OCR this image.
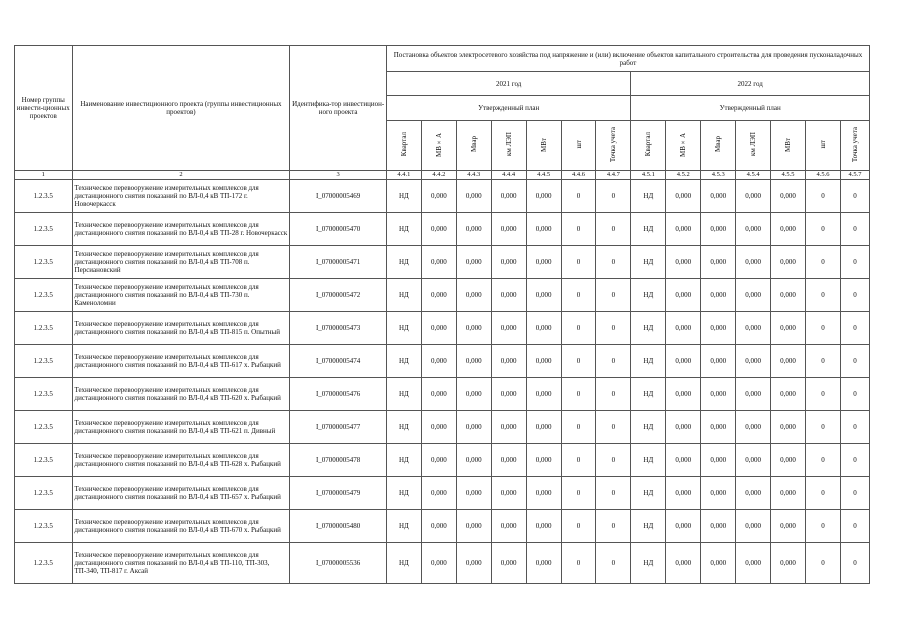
Номер группы инвести-ционных проектов	Наименование инвестиционного проекта (группы инвестиционных проектов)	Идентифика-тор инвестицион-ного проекта	Постановка объектов электросетевого хозяйства под напряжение и (или) включение объектов капитального строительства для проведения пусконаладочных работ													
			2021 год							2022 год						
			Утвержденный план							Утвержденный план						
			Квартал	МВ×А	Мвар	км ЛЭП	МВт	шт	Точка учета	Квартал	МВ×А	Мвар	км ЛЭП	МВт	шт	Точка учета
1	2	3	4.4.1	4.4.2	4.4.3	4.4.4	4.4.5	4.4.6	4.4.7	4.5.1	4.5.2	4.5.3	4.5.4	4.5.5	4.5.6	4.5.7
1.2.3.5	Техническое перевооружение измерительных комплексов для дистанционного снятия показаний по ВЛ-0,4 кВ ТП-172 г. Новочеркасск	I_07000005469	НД	0,000	0,000	0,000	0,000	0	0	НД	0,000	0,000	0,000	0,000	0	0
1.2.3.5	Техническое перевооружение измерительных комплексов для дистанционного снятия показаний по ВЛ-0,4 кВ ТП-28 г. Новочеркасск	I_07000005470	НД	0,000	0,000	0,000	0,000	0	0	НД	0,000	0,000	0,000	0,000	0	0
1.2.3.5	Техническое перевооружение измерительных комплексов для дистанционного снятия показаний по ВЛ-0,4 кВ ТП-708 п. Персиановский	I_07000005471	НД	0,000	0,000	0,000	0,000	0	0	НД	0,000	0,000	0,000	0,000	0	0
1.2.3.5	Техническое перевооружение измерительных комплексов для дистанционного снятия показаний по ВЛ-0,4 кВ ТП-730 п. Каменоломни	I_07000005472	НД	0,000	0,000	0,000	0,000	0	0	НД	0,000	0,000	0,000	0,000	0	0
1.2.3.5	Техническое перевооружение измерительных комплексов для дистанционного снятия показаний по ВЛ-0,4 кВ ТП-815 п. Опытный	I_07000005473	НД	0,000	0,000	0,000	0,000	0	0	НД	0,000	0,000	0,000	0,000	0	0
1.2.3.5	Техническое перевооружение измерительных комплексов для дистанционного снятия показаний по ВЛ-0,4 кВ ТП-617 х. Рыбацкий	I_07000005474	НД	0,000	0,000	0,000	0,000	0	0	НД	0,000	0,000	0,000	0,000	0	0
1.2.3.5	Техническое перевооружение измерительных комплексов для дистанционного снятия показаний по ВЛ-0,4 кВ ТП-620 х. Рыбацкий	I_07000005476	НД	0,000	0,000	0,000	0,000	0	0	НД	0,000	0,000	0,000	0,000	0	0
1.2.3.5	Техническое перевооружение измерительных комплексов для дистанционного снятия показаний по ВЛ-0,4 кВ ТП-621 п. Дивный	I_07000005477	НД	0,000	0,000	0,000	0,000	0	0	НД	0,000	0,000	0,000	0,000	0	0
1.2.3.5	Техническое перевооружение измерительных комплексов для дистанционного снятия показаний по ВЛ-0,4 кВ ТП-628 х. Рыбацкий	I_07000005478	НД	0,000	0,000	0,000	0,000	0	0	НД	0,000	0,000	0,000	0,000	0	0
1.2.3.5	Техническое перевооружение измерительных комплексов для дистанционного снятия показаний по ВЛ-0,4 кВ ТП-657 х. Рыбацкий	I_07000005479	НД	0,000	0,000	0,000	0,000	0	0	НД	0,000	0,000	0,000	0,000	0	0
1.2.3.5	Техническое перевооружение измерительных комплексов для дистанционного снятия показаний по ВЛ-0,4 кВ ТП-670 х. Рыбацкий	I_07000005480	НД	0,000	0,000	0,000	0,000	0	0	НД	0,000	0,000	0,000	0,000	0	0
1.2.3.5	Техническое перевооружение измерительных комплексов для дистанционного снятия показаний по ВЛ-0,4 кВ ТП-110, ТП-303, ТП-340, ТП-817 г. Аксай	I_07000005536	НД	0,000	0,000	0,000	0,000	0	0	НД	0,000	0,000	0,000	0,000	0	0
